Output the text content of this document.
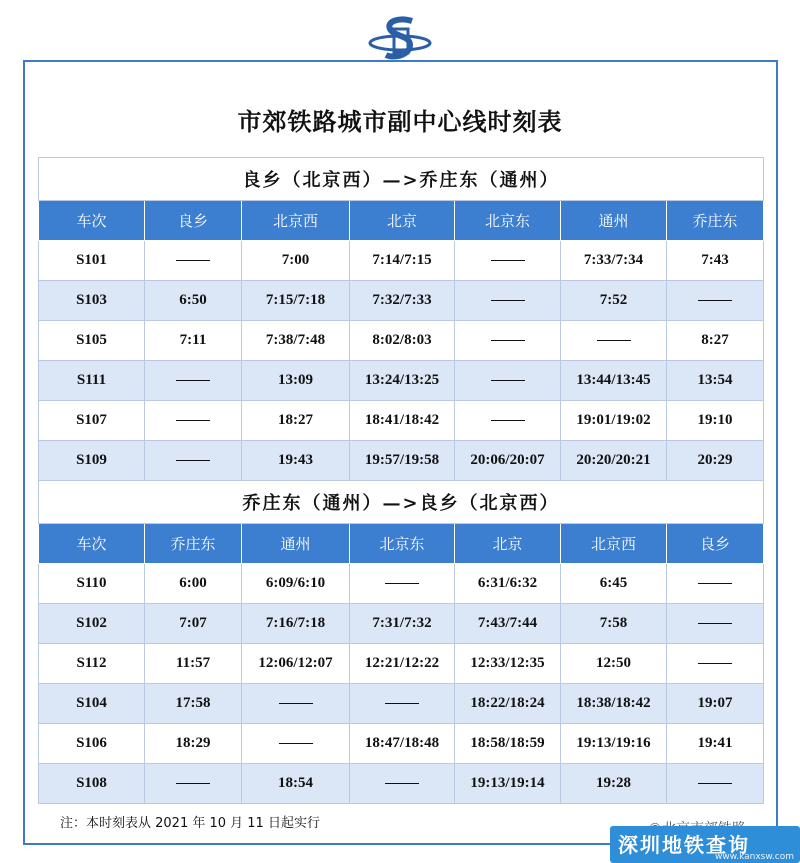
市郊铁路城市副中心线时刻表
良乡（北京西）—>乔庄东（通州）						
车次	良乡	北京西	北京	北京东	通州	乔庄东
S101		7:00	7:14/7:15		7:33/7:34	7:43
S103	6:50	7:15/7:18	7:32/7:33		7:52	
S105	7:11	7:38/7:48	8:02/8:03			8:27
S111		13:09	13:24/13:25		13:44/13:45	13:54
S107		18:27	18:41/18:42		19:01/19:02	19:10
S109		19:43	19:57/19:58	20:06/20:07	20:20/20:21	20:29
乔庄东（通州）—>良乡（北京西）						
车次	乔庄东	通州	北京东	北京	北京西	良乡
S110	6:00	6:09/6:10		6:31/6:32	6:45	
S102	7:07	7:16/7:18	7:31/7:32	7:43/7:44	7:58	
S112	11:57	12:06/12:07	12:21/12:22	12:33/12:35	12:50	
S104	17:58			18:22/18:24	18:38/18:42	19:07
S106	18:29		18:47/18:48	18:58/18:59	19:13/19:16	19:41
S108		18:54		19:13/19:14	19:28	
注：本时刻表从 2021 年 10 月 11 日起实行
深圳地铁查询
www.kanxsw.com
